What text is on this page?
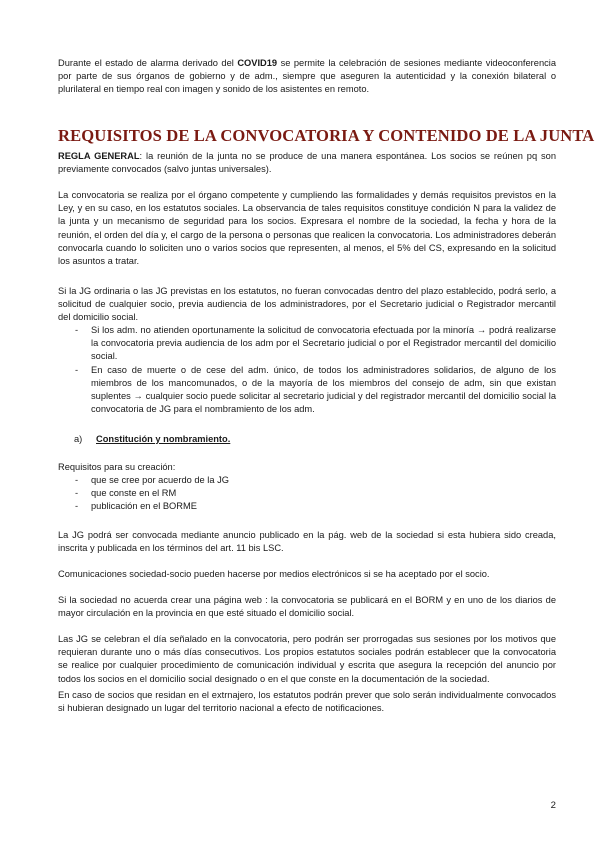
Durante el estado de alarma derivado del COVID19 se permite la celebración de sesiones mediante videoconferencia por parte de sus órganos de gobierno y de adm., siempre que aseguren la autenticidad y la conexión bilateral o plurilateral en tiempo real con imagen y sonido de los asistentes en remoto.

REQUISITOS DE LA CONVOCATORIA Y CONTENIDO DE LA JUNTA

REGLA GENERAL: la reunión de la junta no se produce de una manera espontánea. Los socios se reúnen pq son previamente convocados (salvo juntas universales).

La convocatoria se realiza por el órgano competente y cumpliendo las formalidades y demás requisitos previstos en la Ley, y en su caso, en los estatutos sociales. La observancia de tales requisitos constituye condición N para la validez de la junta y un mecanismo de seguridad para los socios. Expresara el nombre de la sociedad, la fecha y hora de la reunión, el orden del día y, el cargo de la persona o personas que realicen la convocatoria. Los administradores deberán convocarla cuando lo soliciten uno o varios socios que representen, al menos, el 5% del CS, expresando en la solicitud los asuntos a tratar.

Si la JG ordinaria o las JG previstas en los estatutos, no fueran convocadas dentro del plazo establecido, podrá serlo, a solicitud de cualquier socio, previa audiencia de los administradores, por el Secretario judicial o Registrador mercantil del domicilio social.

- Si los adm. no atienden oportunamente la solicitud de convocatoria efectuada por la minoría → podrá realizarse la convocatoria previa audiencia de los adm por el Secretario judicial o por el Registrador mercantil del domicilio social.
- En caso de muerte o de cese del adm. único, de todos los administradores solidarios, de alguno de los miembros de los mancomunados, o de la mayoría de los miembros del consejo de adm, sin que existan suplentes → cualquier socio puede solicitar al secretario judicial y del registrador mercantil del domicilio social la convocatoria de JG para el nombramiento de los adm.
a) Constitución y nombramiento.

Requisitos para su creación:

- que se cree por acuerdo de la JG
- que conste en el RM
- publicación en el BORME

La JG podrá ser convocada mediante anuncio publicado en la pág. web de la sociedad si esta hubiera sido creada, inscrita y publicada en los términos del art. 11 bis LSC.

Comunicaciones sociedad-socio pueden hacerse por medios electrónicos si se ha aceptado por el socio.

Si la sociedad no acuerda crear una página web : la convocatoria se publicará en el BORM y en uno de los diarios de mayor circulación en la provincia en que esté situado el domicilio social.

Las JG se celebran el día señalado en la convocatoria, pero podrán ser prorrogadas sus sesiones por los motivos que requieran durante uno o más días consecutivos. Los propios estatutos sociales podrán establecer que la convocatoria se realice por cualquier procedimiento de comunicación individual y escrita que asegura la recepción del anuncio por todos los socios en el domicilio social designado o en el que conste en la documentación de la sociedad.

En caso de socios que residan en el extrnajero, los estatutos podrán prever que solo serán individualmente convocados si hubieran designado un lugar del territorio nacional a efecto de notificaciones.

2
